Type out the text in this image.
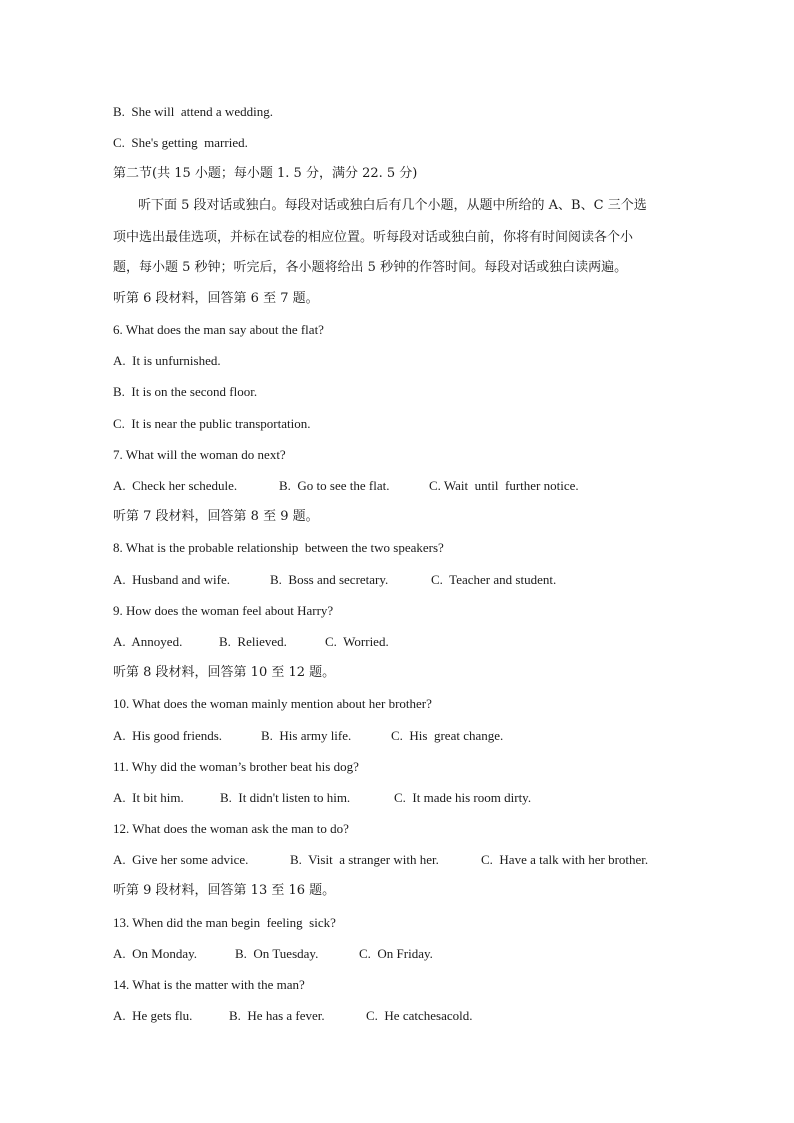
B.  She will  attend a wedding.
C.  She's getting  married.
第二节(共 15 小题；每小题 1. 5 分，满分 22. 5 分)
听下面 5 段对话或独白。每段对话或独白后有几个小题，从题中所给的 A、B、C 三个选
项中选出最佳选项，并标在试卷的相应位置。听每段对话或独白前，你将有时间阅读各个小
题，每小题 5 秒钟；听完后，各小题将给出 5 秒钟的作答时间。每段对话或独白读两遍。
听第 6 段材料，回答第 6 至 7 题。
6. What does the man say about the flat?
A.  It is unfurnished.
B.  It is on the second floor.
C.  It is near the public transportation.
7. What will the woman do next?

A.  Check her schedule.

	B.  Go to see the flat.

	C. Wait  until  further notice.

听第 7 段材料，回答第 8 至 9 题。
8. What is the probable relationship  between the two speakers?

A.  Husband and wife.

	B.  Boss and secretary.

	C.  Teacher and student.

9. How does the woman feel about Harry?

A.  Annoyed.

	B.  Relieved.

	C.  Worried.

听第 8 段材料，回答第 10 至 12 题。
10. What does the woman mainly mention about her brother?

A.  His good friends.

	B.  His army life.

	C.  His  great change.

11. Why did the woman’s brother beat his dog?

A.  It bit him.

	B.  It didn't listen to him.

	C.  It made his room dirty.

12. What does the woman ask the man to do?

A.  Give her some advice.

	B.  Visit  a stranger with her.

	C.  Have a talk with her brother.

听第 9 段材料，回答第 13 至 16 题。
13. When did the man begin  feeling  sick?

A.  On Monday.

	B.  On Tuesday.

	C.  On Friday.

14. What is the matter with the man?

A.  He gets flu.

	B.  He has a fever.

	C.  He catchesacold.
